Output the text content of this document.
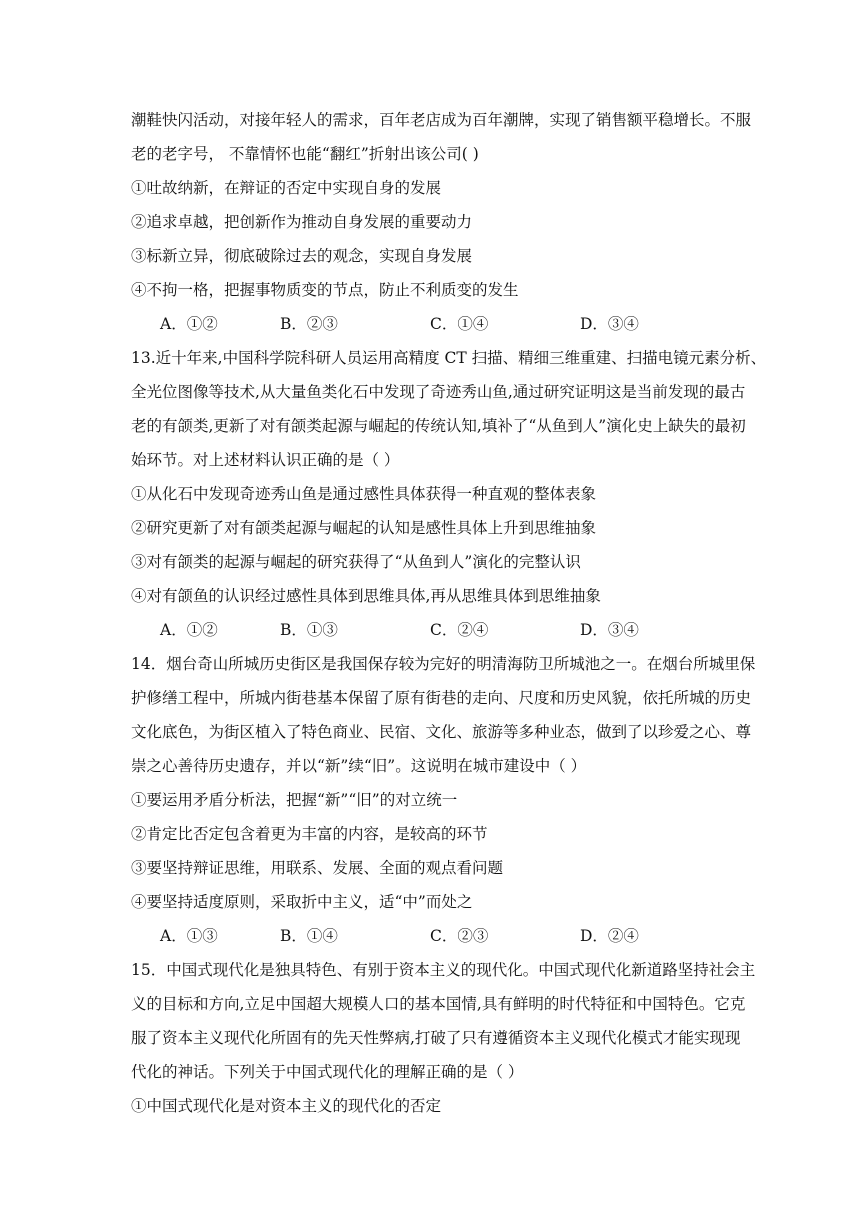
潮鞋快闪活动，对接年轻人的需求，百年老店成为百年潮牌，实现了销售额平稳增长。不服
老的老字号， 不靠情怀也能“翻红”折射出该公司( )
①吐故纳新，在辩证的否定中实现自身的发展
②追求卓越，把创新作为推动自身发展的重要动力
③标新立异，彻底破除过去的观念，实现自身发展
④不拘一格，把握事物质变的节点，防止不利质变的发生
A．①②	B．②③	C．①④	D．③④
13.近十年来,中国科学院科研人员运用高精度 CT 扫描、精细三维重建、扫描电镜元素分析、
全光位图像等技术,从大量鱼类化石中发现了奇迹秀山鱼,通过研究证明这是当前发现的最古
老的有颌类,更新了对有颌类起源与崛起的传统认知,填补了“从鱼到人”演化史上缺失的最初
始环节。对上述材料认识正确的是（ ）
①从化石中发现奇迹秀山鱼是通过感性具体获得一种直观的整体表象
②研究更新了对有颌类起源与崛起的认知是感性具体上升到思维抽象
③对有颌类的起源与崛起的研究获得了“从鱼到人”演化的完整认识
④对有颌鱼的认识经过感性具体到思维具体,再从思维具体到思维抽象
A．①②	B．①③	C．②④	D．③④
14．烟台奇山所城历史街区是我国保存较为完好的明清海防卫所城池之一。在烟台所城里保
护修缮工程中，所城内街巷基本保留了原有街巷的走向、尺度和历史风貌，依托所城的历史
文化底色，为街区植入了特色商业、民宿、文化、旅游等多种业态，做到了以珍爱之心、尊
崇之心善待历史遗存，并以“新”续“旧”。这说明在城市建设中（ ）
①要运用矛盾分析法，把握“新”“旧”的对立统一
②肯定比否定包含着更为丰富的内容，是较高的环节
③要坚持辩证思维，用联系、发展、全面的观点看问题
④要坚持适度原则，采取折中主义，适“中”而处之
A．①③	B．①④	C．②③	D．②④
15．中国式现代化是独具特色、有别于资本主义的现代化。中国式现代化新道路坚持社会主
义的目标和方向,立足中国超大规模人口的基本国情,具有鲜明的时代特征和中国特色。它克
服了资本主义现代化所固有的先天性弊病,打破了只有遵循资本主义现代化模式才能实现现
代化的神话。下列关于中国式现代化的理解正确的是（ ）
①中国式现代化是对资本主义的现代化的否定
